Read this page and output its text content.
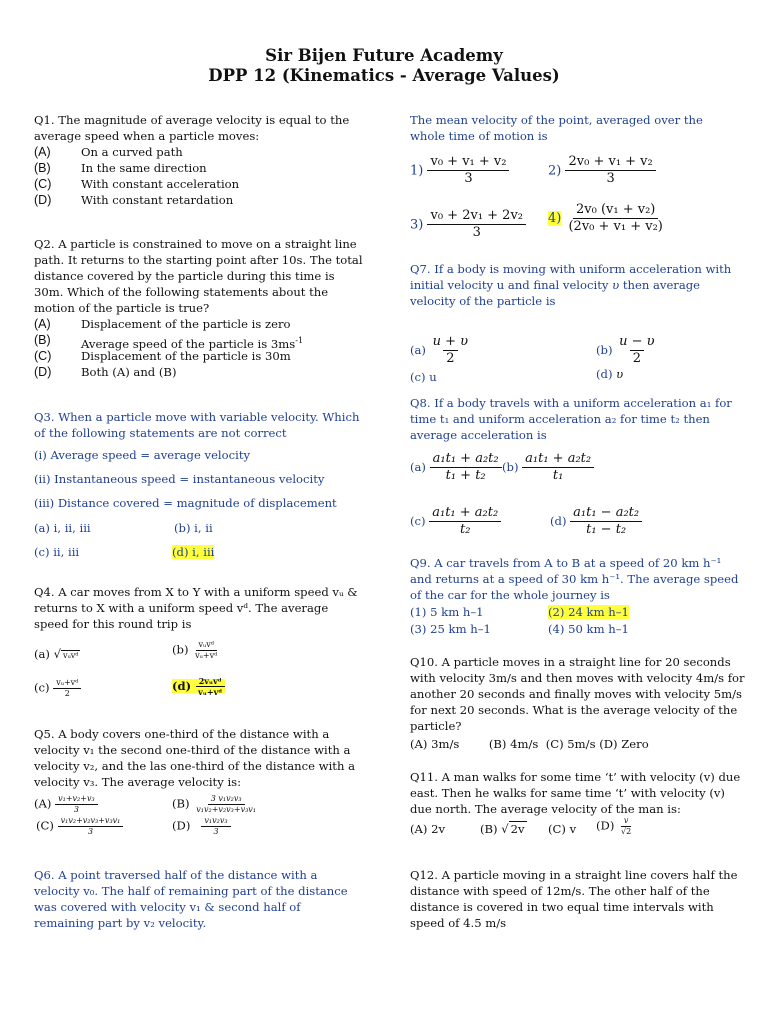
Sir Bijen Future Academy
DPP 12 (Kinematics - Average Values)
Q1. The magnitude of average velocity is equal to the average speed when a particle moves:
(A)	On a curved path
(B)	In the same direction
(C)	With constant acceleration
(D)	With constant retardation
Q2. A particle is constrained to move on a straight line path. It returns to the starting point after 10s. The total distance covered by the particle during this time is 30m. Which of the following statements about the motion of the particle is true?
(A)	Displacement of the particle is zero
(B)	Average speed of the particle is $3ms^{-1}$
(C)	Displacement of the particle is 30m
(D)	Both (A) and (B)
Q3. When a particle move with variable velocity. Which of the following statements are not correct
(i) Average speed = average velocity
(ii) Instantaneous speed = instantaneous velocity
(iii) Distance covered = magnitude of displacement
(a) i, ii, iii	(b) i, ii
(c) ii, iii	(d) i, iii
Q4. A car moves from X to Y with a uniform speed vᵤ & returns to X with a uniform speed vᵈ. The average speed for this round trip is
(a) √ vᵤvᵈ	$(b) \frac{\text{vᵤvᵈ}}{\text{vᵤ+vᵈ}}$
$(c) \frac{\text{vᵤ+vᵈ}}{2}$	$(d) \frac{\text{2vᵤvᵈ}}{\text{vᵤ+vᵈ}}$
Q5. A body covers one-third of the distance with a velocity v₁ the second one-third of the distance with a velocity v₂, and the las one-third of the distance with a velocity v₃. The average velocity is:
$(A) \frac{\text{v₁+v₂+v₃}}{3}$	$(B) \frac{\text{3 v₁v₂v₃}}{\text{v₁v₂+v₂v₃+v₃v₁}}$
$(C) \frac{\text{v₁v₂+v₂v₃+v₃v₁}}{3}$	$(D) \frac{\text{v₁v₂v₃}}{3}$
Q6. A point traversed half of the distance with a velocity v₀. The half of remaining part of the distance was covered with velocity v₁ & second half of remaining part by v₂ velocity.
The mean velocity of the point, averaged over the whole time of motion is
$1) \frac{\text{v₀ + v₁ + v₂}}{3}$	$2) \frac{\text{2v₀ + v₁ + v₂}}{3}$
$3) \frac{\text{v₀ + 2v₁ + 2v₂}}{3} 4) \frac{\text{2v₀ (v₁ + v₂)}}{\text{(2v₀ + v₁ + v₂)}}$
Q7. If a body is moving with uniform acceleration with initial velocity u and final velocity υ then average velocity of the particle is
$(a) \frac{u + \upsilon}{2}$	$(b) \frac{u - \upsilon}{2}$
(c) u	(d) υ
Q8. If a body travels with a uniform acceleration a₁ for time t₁ and uniform acceleration a₂ for time t₂ then average acceleration is
$(a) \frac{\text{a₁t₁ + a₂t₂}}{\text{t₁ + t₂}} (b) \frac{\text{a₁t₁ + a₂t₂}}{\text{t₁}}$
$(c) \frac{\text{a₁t₁ + a₂t₂}}{\text{t₂}}$	$(d) \frac{\text{a₁t₁ − a₂t₂}}{\text{t₁ − t₂}}$
Q9. A car travels from A to B at a speed of 20 km h⁻¹ and returns at a speed of 30 km h⁻¹. The average speed of the car for the whole journey is
(1) 5 km h–1	(2) 24 km h–1
(3) 25 km h–1	(4) 50 km h–1
Q10. A particle moves in a straight line for 20 seconds with velocity 3m/s and then moves with velocity 4m/s for another 20 seconds and finally moves with velocity 5m/s for next 20 seconds. What is the average velocity of the particle?
(A) 3m/s	(B) 4m/s (C) 5m/s (D) Zero
Q11. A man walks for some time ‘t’ with velocity (v) due east. Then he walks for same time ‘t’ with velocity (v) due north. The average velocity of the man is:
(A) 2v	(B) √ 2v (C) v $(D) \frac{v}{√2}$
Q12. A particle moving in a straight line covers half the distance with speed of 12m/s. The other half of the distance is covered in two equal time intervals with speed of 4.5 m/s
